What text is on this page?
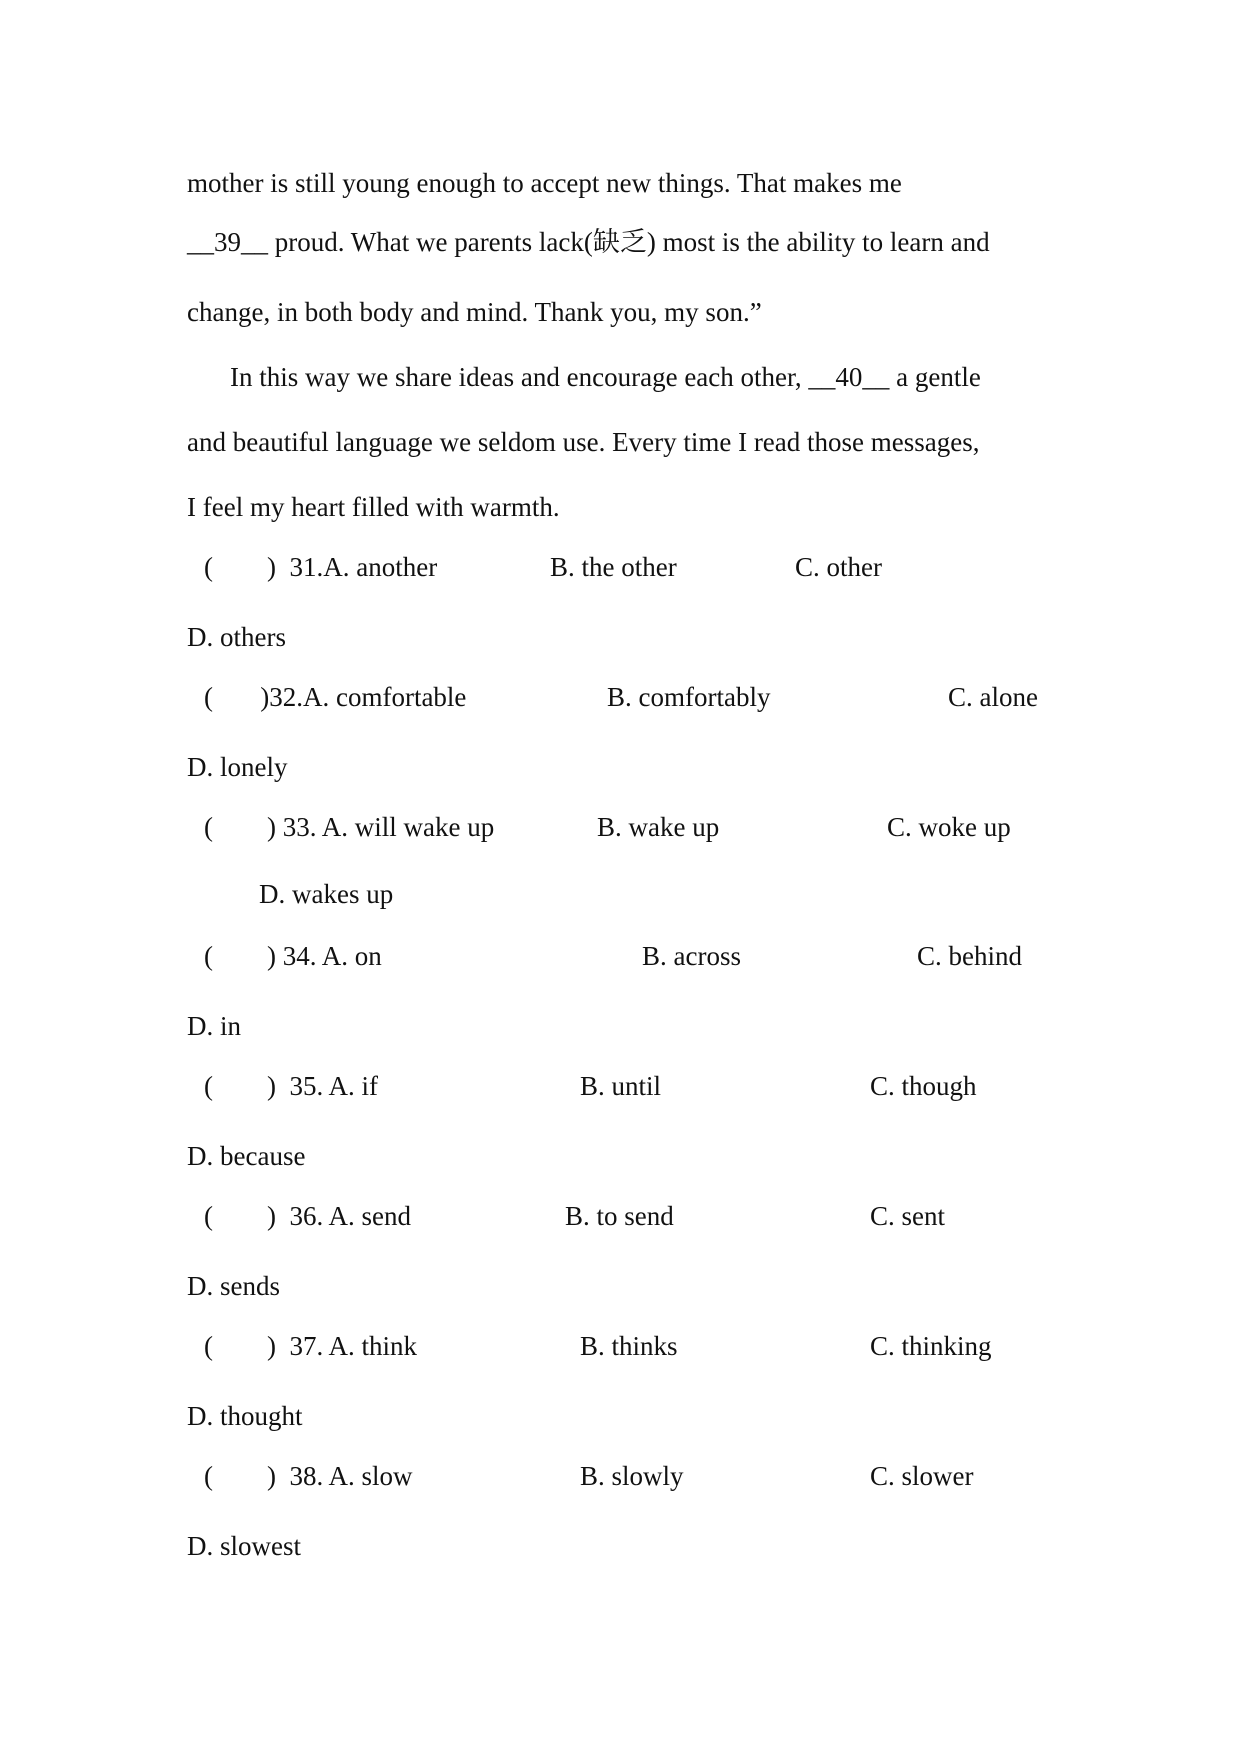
mother is still young enough to accept new things. That makes me
__39__ proud. What we parents lack(缺乏) most is the ability to learn and
change, in both body and mind. Thank you, my son.”
In this way we share ideas and encourage each other, __40__ a gentle
and beautiful language we seldom use. Every time I read those messages,
I feel my heart filled with warmth.
(        )  31.A. another	B. the other	C. other
D. others
(       )32.A. comfortable	B. comfortably	C. alone
D. lonely
(        ) 33. A. will wake up	B. wake up	C. woke up
D. wakes up
(        ) 34. A. on	B. across	C. behind
D. in
(        )  35. A. if	B. until	C. though
D. because
(        )  36. A. send	B. to send	C. sent
D. sends
(        )  37. A. think	B. thinks	C. thinking
D. thought
(        )  38. A. slow	B. slowly	C. slower
D. slowest
